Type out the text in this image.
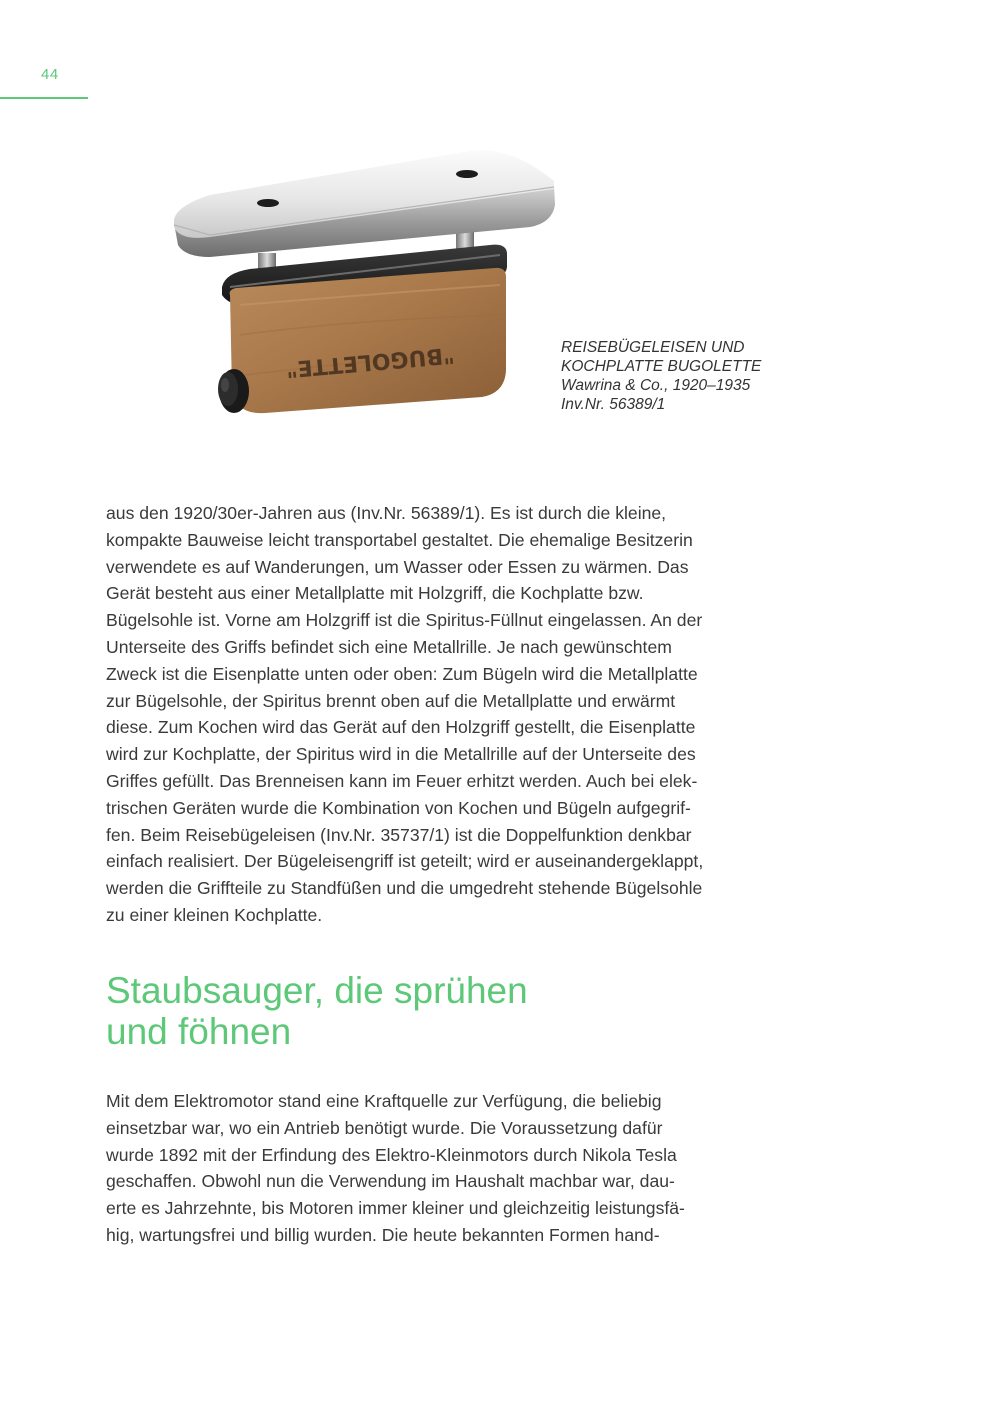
44
"BUGOLETTE"	REISEBÜGELEISEN UND
KOCHPLATTE BUGOLETTE
Wawrina & Co., 1920–1935
Inv.Nr. 56389/1
aus den 1920/30er-Jahren aus (Inv.Nr. 56389/1). Es ist durch die kleine,
kompakte Bauweise leicht transportabel gestaltet. Die ehemalige Besitzerin
verwendete es auf Wanderungen, um Wasser oder Essen zu wärmen. Das
Gerät besteht aus einer Metallplatte mit Holzgriff, die Kochplatte bzw.
Bügelsohle ist. Vorne am Holzgriff ist die Spiritus-Füllnut eingelassen. An der
Unterseite des Griffs befindet sich eine Metallrille. Je nach gewünschtem
Zweck ist die Eisenplatte unten oder oben: Zum Bügeln wird die Metallplatte
zur Bügelsohle, der Spiritus brennt oben auf die Metallplatte und erwärmt
diese. Zum Kochen wird das Gerät auf den Holzgriff gestellt, die Eisenplatte
wird zur Kochplatte, der Spiritus wird in die Metallrille auf der Unterseite des
Griffes gefüllt. Das Brenneisen kann im Feuer erhitzt werden. Auch bei elek-
trischen Geräten wurde die Kombination von Kochen und Bügeln aufgegrif-
fen. Beim Reisebügeleisen (Inv.Nr. 35737/1) ist die Doppelfunktion denkbar
einfach realisiert. Der Bügeleisengriff ist geteilt; wird er auseinandergeklappt,
werden die Griffteile zu Standfüßen und die umgedreht stehende Bügelsohle
zu einer kleinen Kochplatte.
Staubsauger, die sprühen
und föhnen
Mit dem Elektromotor stand eine Kraftquelle zur Verfügung, die beliebig
einsetzbar war, wo ein Antrieb benötigt wurde. Die Voraussetzung dafür
wurde 1892 mit der Erfindung des Elektro-Kleinmotors durch Nikola Tesla
geschaffen. Obwohl nun die Verwendung im Haushalt machbar war, dau-
erte es Jahrzehnte, bis Motoren immer kleiner und gleichzeitig leistungsfä-
hig, wartungsfrei und billig wurden. Die heute bekannten Formen hand-
